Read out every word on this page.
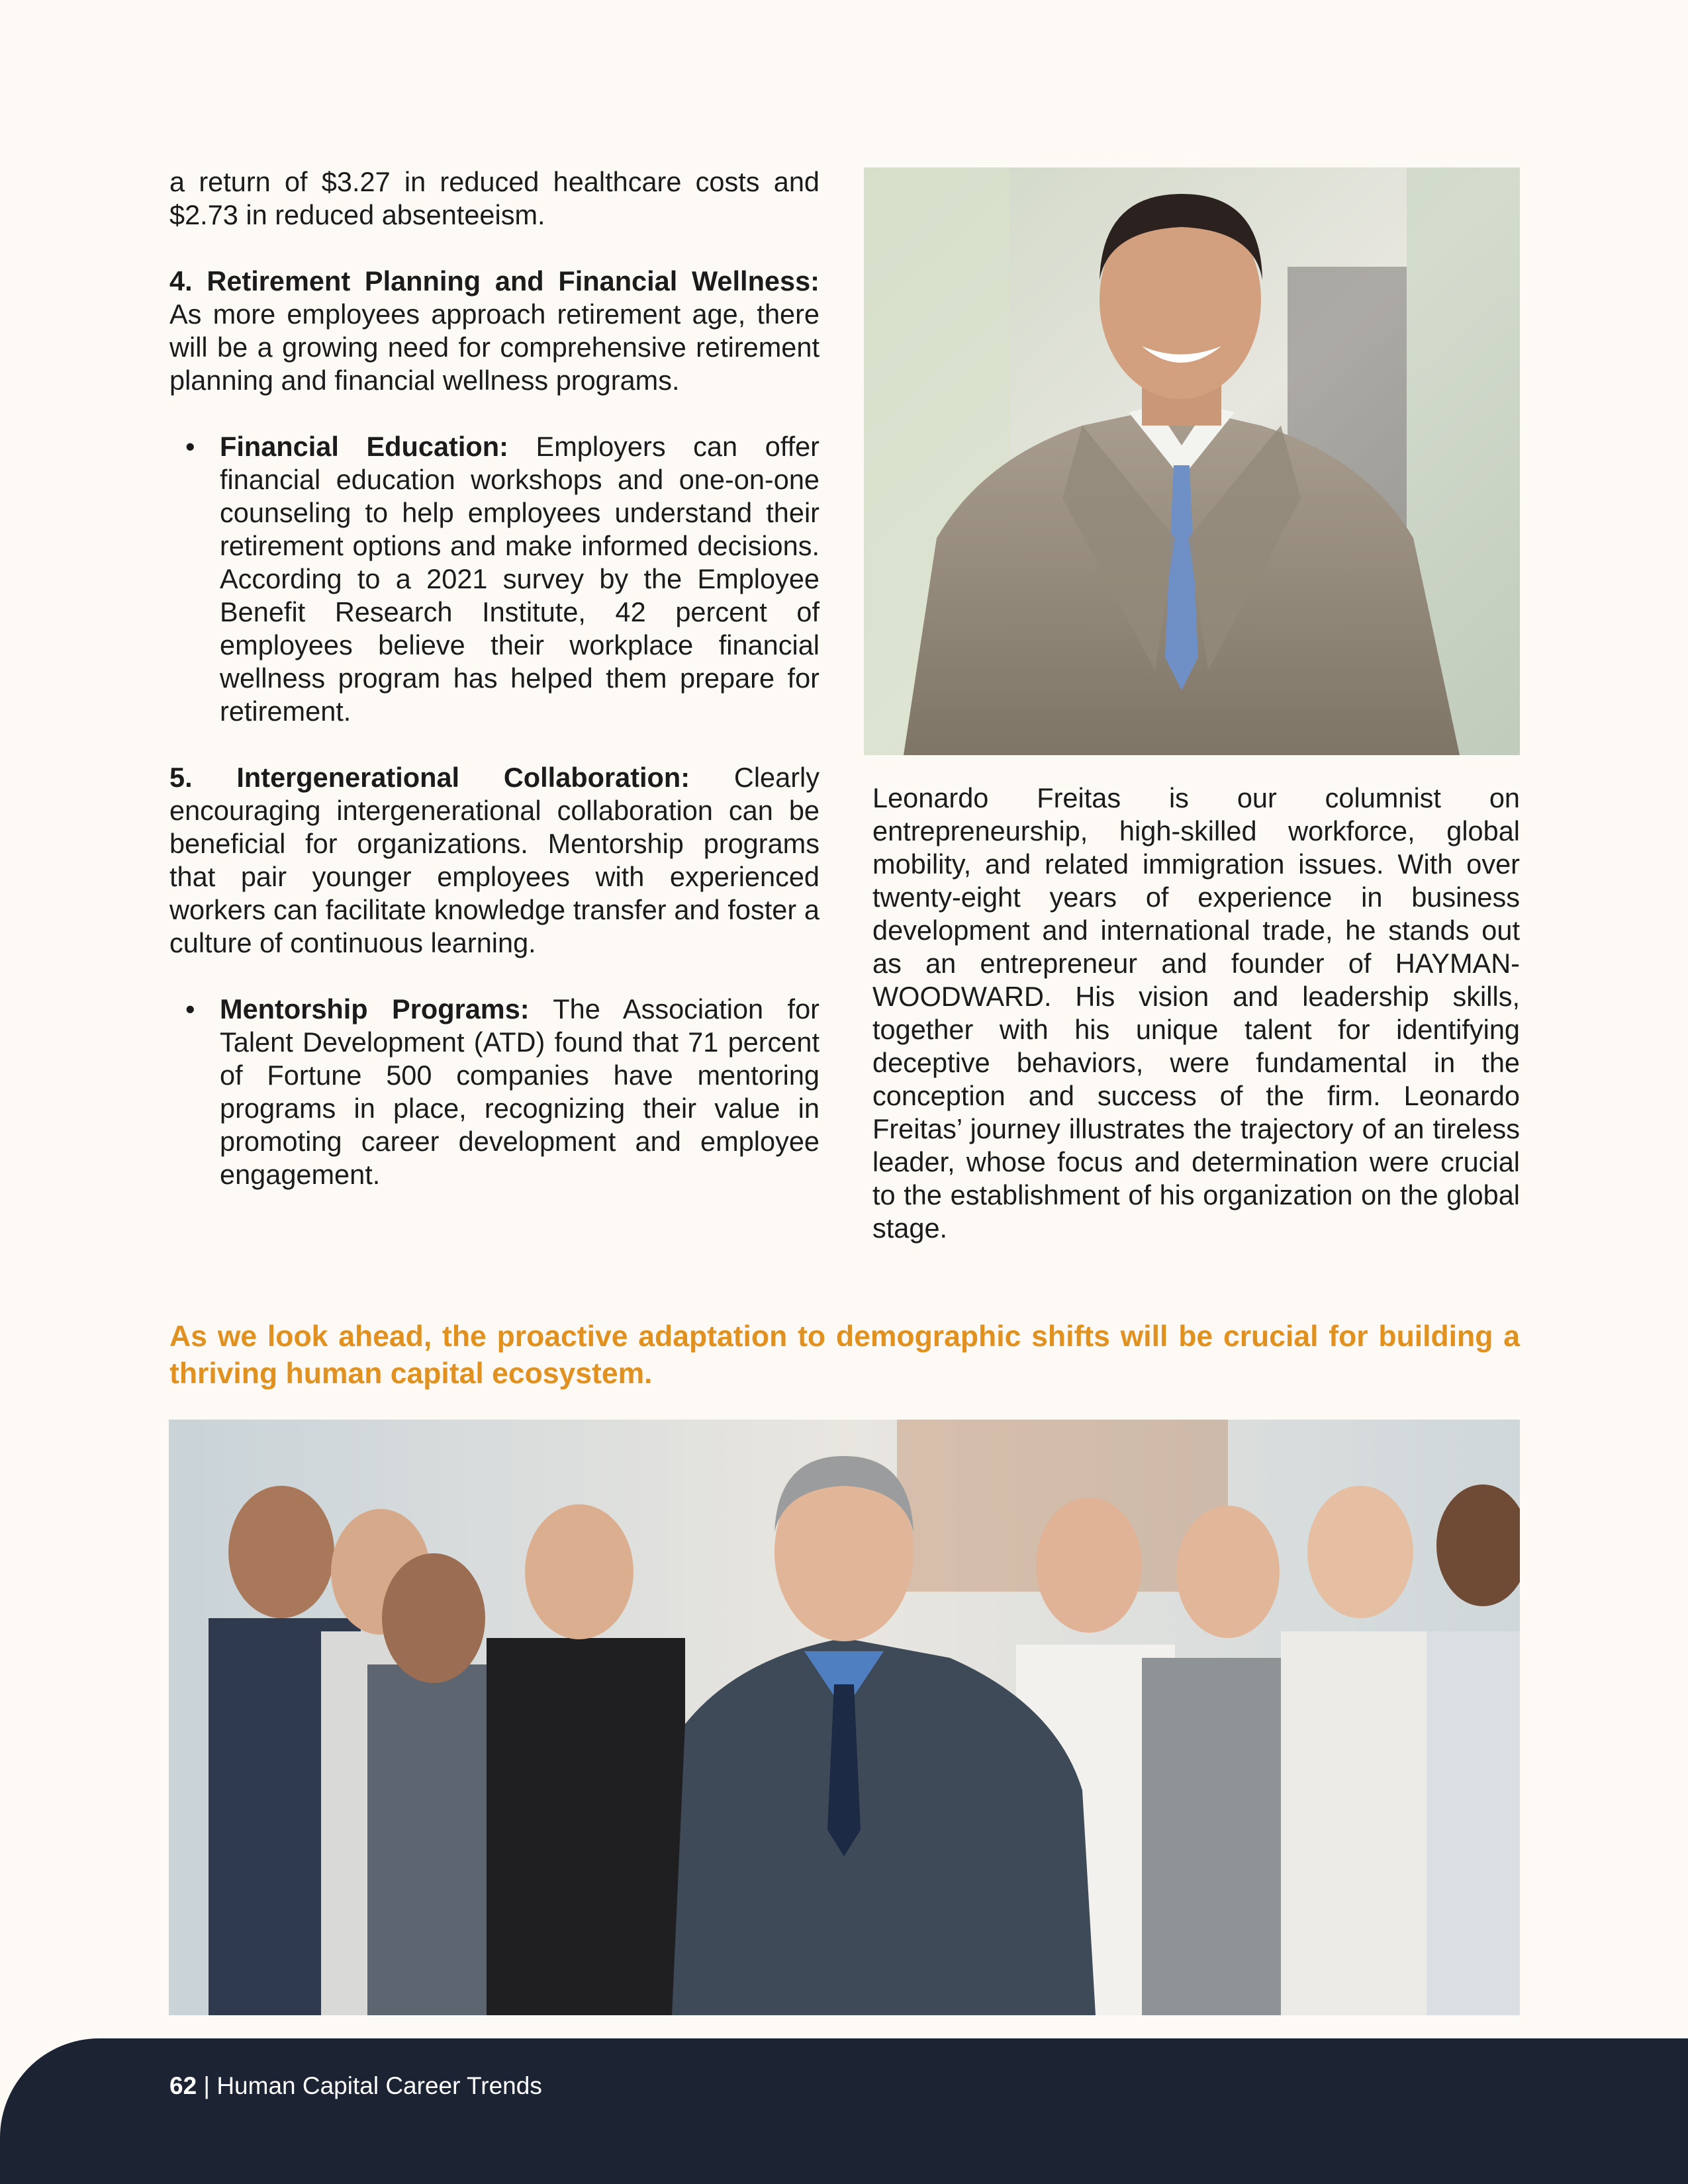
a return of $3.27 in reduced healthcare costs and $2.73 in reduced absenteeism.

4. Retirement Planning and Financial Wellness: As more employees approach retirement age, there will be a growing need for comprehensive retirement planning and financial wellness programs.

• Financial Education: Employers can offer financial education workshops and one-on-one counseling to help employees understand their retirement options and make informed decisions. According to a 2021 survey by the Employee Benefit Research Institute, 42 percent of employees believe their workplace financial wellness program has helped them prepare for retirement.

5. Intergenerational Collaboration: Clearly encouraging intergenerational collaboration can be beneficial for organizations. Mentorship programs that pair younger employees with experienced workers can facilitate knowledge transfer and foster a culture of continuous learning.

• Mentorship Programs: The Association for Talent Development (ATD) found that 71 percent of Fortune 500 companies have mentoring programs in place, recognizing their value in promoting career development and employee engagement.

Leonardo Freitas is our columnist on entrepreneurship, high-skilled workforce, global mobility, and related immigration issues. With over twenty-eight years of experience in business development and international trade, he stands out as an entrepreneur and founder of HAYMAN-WOODWARD. His vision and leadership skills, together with his unique talent for identifying deceptive behaviors, were fundamental in the conception and success of the firm. Leonardo Freitas’ journey illustrates the trajectory of an tireless leader, whose focus and determination were crucial to the establishment of his organization on the global stage.

As we look ahead, the proactive adaptation to demographic shifts will be crucial for building a thriving human capital ecosystem.

62 | Human Capital Career Trends
